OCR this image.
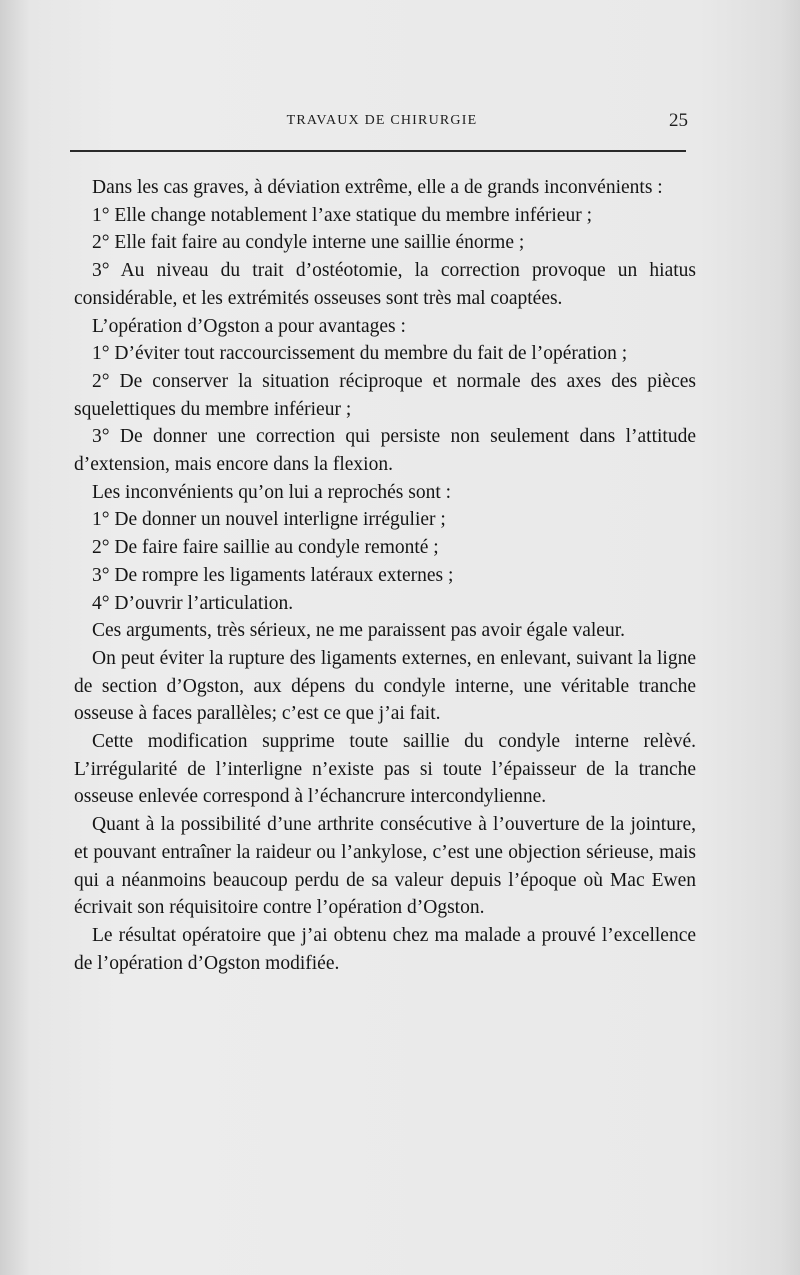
TRAVAUX DE CHIRURGIE	25

Dans les cas graves, à déviation extrême, elle a de grands inconvénients :

1° Elle change notablement l’axe statique du membre inférieur ;

2° Elle fait faire au condyle interne une saillie énorme ;

3° Au niveau du trait d’ostéotomie, la correction provoque un hiatus considérable, et les extrémités osseuses sont très mal coaptées.

L’opération d’Ogston a pour avantages :

1° D’éviter tout raccourcissement du membre du fait de l’opération ;

2° De conserver la situation réciproque et normale des axes des pièces squelettiques du membre inférieur ;

3° De donner une correction qui persiste non seulement dans l’attitude d’extension, mais encore dans la flexion.

Les inconvénients qu’on lui a reprochés sont :

1° De donner un nouvel interligne irrégulier ;

2° De faire faire saillie au condyle remonté ;

3° De rompre les ligaments latéraux externes ;

4° D’ouvrir l’articulation.

Ces arguments, très sérieux, ne me paraissent pas avoir égale valeur.

On peut éviter la rupture des ligaments externes, en enlevant, suivant la ligne de section d’Ogston, aux dépens du condyle interne, une véritable tranche osseuse à faces parallèles; c’est ce que j’ai fait.

Cette modification supprime toute saillie du condyle interne relèvé. L’irrégularité de l’interligne n’existe pas si toute l’épaisseur de la tranche osseuse enlevée correspond à l’échancrure intercondylienne.

Quant à la possibilité d’une arthrite consécutive à l’ouverture de la jointure, et pouvant entraîner la raideur ou l’ankylose, c’est une objection sérieuse, mais qui a néanmoins beaucoup perdu de sa valeur depuis l’époque où Mac Ewen écrivait son réquisitoire contre l’opération d’Ogston.

Le résultat opératoire que j’ai obtenu chez ma malade a prouvé l’excellence de l’opération d’Ogston modifiée.
